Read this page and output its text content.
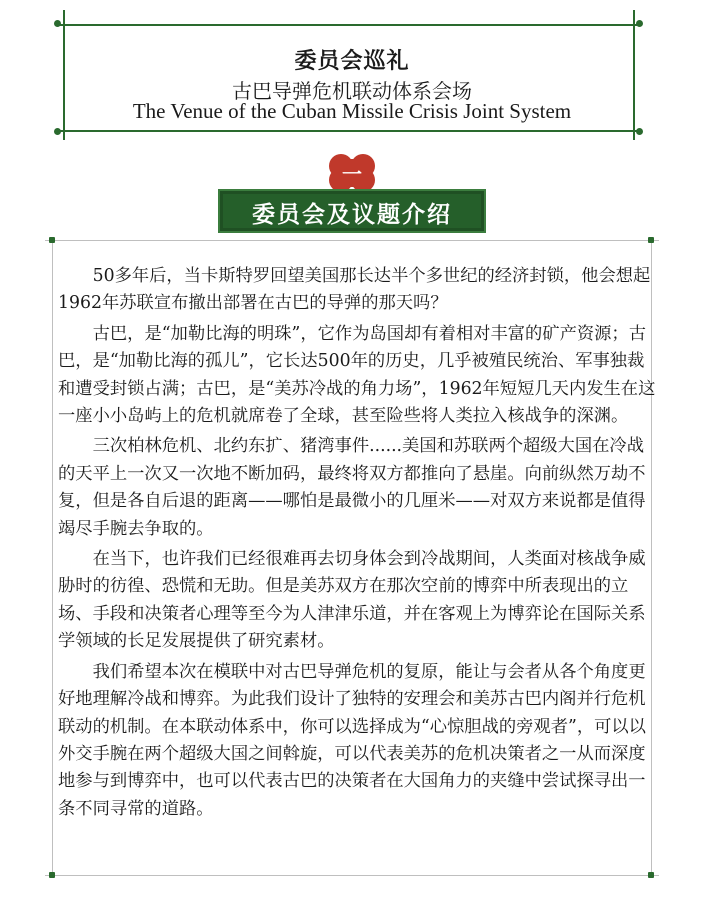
委员会巡礼
古巴导弹危机联动体系会场
The Venue of the Cuban Missile Crisis Joint System
一
委员会及议题介绍

50多年后，当卡斯特罗回望美国那长达半个多世纪的经济封锁，他会想起1962年苏联宣布撤出部署在古巴的导弹的那天吗？

古巴，是“加勒比海的明珠”，它作为岛国却有着相对丰富的矿产资源；古巴，是“加勒比海的孤儿”，它长达500年的历史，几乎被殖民统治、军事独裁和遭受封锁占满；古巴，是“美苏冷战的角力场”，1962年短短几天内发生在这一座小小岛屿上的危机就席卷了全球，甚至险些将人类拉入核战争的深渊。

三次柏林危机、北约东扩、猪湾事件......美国和苏联两个超级大国在冷战的天平上一次又一次地不断加码，最终将双方都推向了悬崖。向前纵然万劫不复，但是各自后退的距离——哪怕是最微小的几厘米——对双方来说都是值得竭尽手腕去争取的。

在当下，也许我们已经很难再去切身体会到冷战期间，人类面对核战争威胁时的彷徨、恐慌和无助。但是美苏双方在那次空前的博弈中所表现出的立场、手段和决策者心理等至今为人津津乐道，并在客观上为博弈论在国际关系学领域的长足发展提供了研究素材。

我们希望本次在模联中对古巴导弹危机的复原，能让与会者从各个角度更好地理解冷战和博弈。为此我们设计了独特的安理会和美苏古巴内阁并行危机联动的机制。在本联动体系中，你可以选择成为“心惊胆战的旁观者”，可以以外交手腕在两个超级大国之间斡旋，可以代表美苏的危机决策者之一从而深度地参与到博弈中，也可以代表古巴的决策者在大国角力的夹缝中尝试探寻出一条不同寻常的道路。
